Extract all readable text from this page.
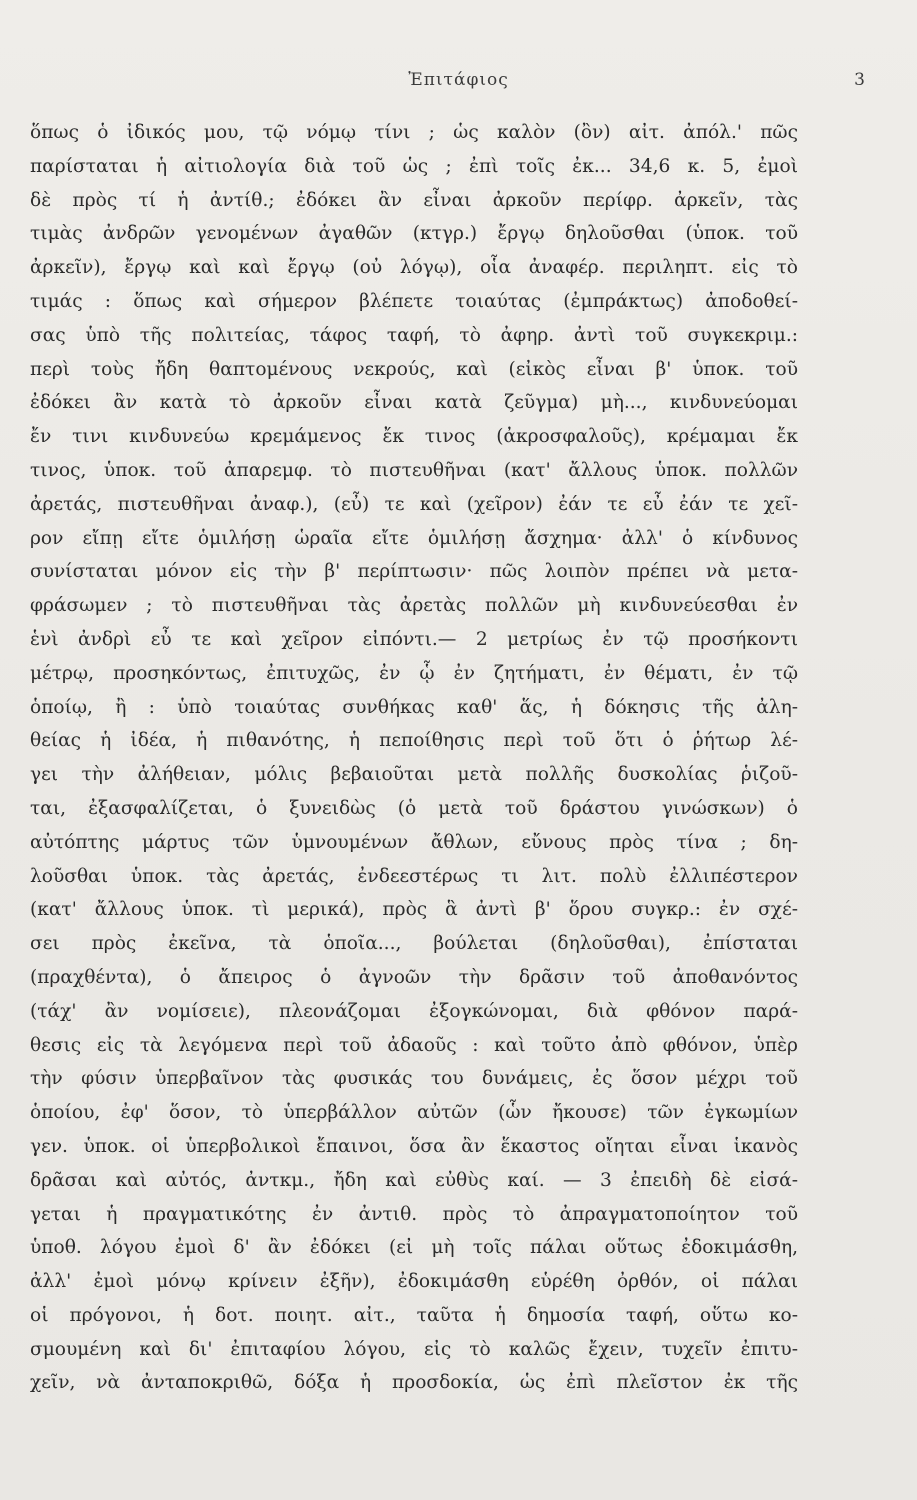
Ἐπιτάφιος	3
ὅπως ὁ ἰδικός μου, τῷ νόμῳ τίνι ; ὡς καλὸν (ὂν) αἰτ. ἀπόλ.' πῶς
παρίσταται ἡ αἰτιολογία διὰ τοῦ ὡς ; ἐπὶ τοῖς ἐκ... 34,6 κ. 5, ἐμοὶ
δὲ πρὸς τί ἡ ἀντίθ.; ἐδόκει ἂν εἶναι ἀρκοῦν περίφρ. ἀρκεῖν, τὰς
τιμὰς ἀνδρῶν γενομένων ἀγαθῶν (κτγρ.) ἔργῳ δηλοῦσθαι (ὑποκ. τοῦ
ἀρκεῖν), ἔργῳ καὶ καὶ ἔργῳ (οὐ λόγῳ), οἷα ἀναφέρ. περιληπτ. εἰς τὸ
τιμάς : ὅπως καὶ σήμερον βλέπετε τοιαύτας (ἐμπράκτως) ἀποδοθεί-
σας ὑπὸ τῆς πολιτείας, τάφος ταφή, τὸ ἀφηρ. ἀντὶ τοῦ συγκεκριμ.:
περὶ τοὺς ἤδη θαπτομένους νεκρούς, καὶ (εἰκὸς εἶναι β' ὑποκ. τοῦ
ἐδόκει ἂν κατὰ τὸ ἀρκοῦν εἶναι κατὰ ζεῦγμα) μὴ..., κινδυνεύομαι
ἔν τινι κινδυνεύω κρεμάμενος ἔκ τινος (ἀκροσφαλοῦς), κρέμαμαι ἔκ
τινος, ὑποκ. τοῦ ἀπαρεμφ. τὸ πιστευθῆναι (κατ' ἄλλους ὑποκ. πολλῶν
ἀρετάς, πιστευθῆναι ἀναφ.), (εὖ) τε καὶ (χεῖρον) ἐάν τε εὖ ἐάν τε χεῖ-
ρον εἴπῃ εἴτε ὁμιλήσῃ ὡραῖα εἴτε ὁμιλήσῃ ἄσχημα· ἀλλ' ὁ κίνδυνος
συνίσταται μόνον εἰς τὴν β' περίπτωσιν· πῶς λοιπὸν πρέπει νὰ μετα-
φράσωμεν ; τὸ πιστευθῆναι τὰς ἀρετὰς πολλῶν μὴ κινδυνεύεσθαι ἐν
ἑνὶ ἀνδρὶ εὖ τε καὶ χεῖρον εἰπόντι.— 2 μετρίως ἐν τῷ προσήκοντι
μέτρῳ, προσηκόντως, ἐπιτυχῶς, ἐν ᾧ ἐν ζητήματι, ἐν θέματι, ἐν τῷ
ὁποίῳ, ἢ : ὑπὸ τοιαύτας συνθήκας καθ' ἅς, ἡ δόκησις τῆς ἀλη-
θείας ἡ ἰδέα, ἡ πιθανότης, ἡ πεποίθησις περὶ τοῦ ὅτι ὁ ῥήτωρ λέ-
γει τὴν ἀλήθειαν, μόλις βεβαιοῦται μετὰ πολλῆς δυσκολίας ῥιζοῦ-
ται, ἐξασφαλίζεται, ὁ ξυνειδὼς (ὁ μετὰ τοῦ δράστου γινώσκων) ὁ
αὐτόπτης μάρτυς τῶν ὑμνουμένων ἄθλων, εὔνους πρὸς τίνα ; δη-
λοῦσθαι ὑποκ. τὰς ἀρετάς, ἐνδεεστέρως τι λιτ. πολὺ ἐλλιπέστερον
(κατ' ἄλλους ὑποκ. τὶ μερικά), πρὸς ἃ ἀντὶ β' ὅρου συγκρ.: ἐν σχέ-
σει πρὸς ἐκεῖνα, τὰ ὁποῖα..., βούλεται (δηλοῦσθαι), ἐπίσταται
(πραχθέντα), ὁ ἄπειρος ὁ ἀγνοῶν τὴν δρᾶσιν τοῦ ἀποθανόντος
(τάχ' ἂν νομίσειε), πλεονάζομαι ἐξογκώνομαι, διὰ φθόνον παρά-
θεσις εἰς τὰ λεγόμενα περὶ τοῦ ἀδαοῦς : καὶ τοῦτο ἀπὸ φθόνον, ὑπὲρ
τὴν φύσιν ὑπερβαῖνον τὰς φυσικάς του δυνάμεις, ἐς ὅσον μέχρι τοῦ
ὁποίου, ἐφ' ὅσον, τὸ ὑπερβάλλον αὐτῶν (ὧν ἤκουσε) τῶν ἐγκωμίων
γεν. ὑποκ. οἱ ὑπερβολικοὶ ἔπαινοι, ὅσα ἂν ἕκαστος οἴηται εἶναι ἱκανὸς
δρᾶσαι καὶ αὐτός, ἀντκμ., ἤδη καὶ εὐθὺς καί. — 3 ἐπειδὴ δὲ εἰσά-
γεται ἡ πραγματικότης ἐν ἀντιθ. πρὸς τὸ ἀπραγματοποίητον τοῦ
ὑποθ. λόγου ἐμοὶ δ' ἂν ἐδόκει (εἰ μὴ τοῖς πάλαι οὕτως ἐδοκιμάσθη,
ἀλλ' ἐμοὶ μόνῳ κρίνειν ἐξῆν), ἐδοκιμάσθη εὑρέθη ὀρθόν, οἱ πάλαι
οἱ πρόγονοι, ἡ δοτ. ποιητ. αἰτ., ταῦτα ἡ δημοσία ταφή, οὕτω κο-
σμουμένη καὶ δι' ἐπιταφίου λόγου, εἰς τὸ καλῶς ἔχειν, τυχεῖν ἐπιτυ-
χεῖν, νὰ ἀνταποκριθῶ, δόξα ἡ προσδοκία, ὡς ἐπὶ πλεῖστον ἐκ τῆς
